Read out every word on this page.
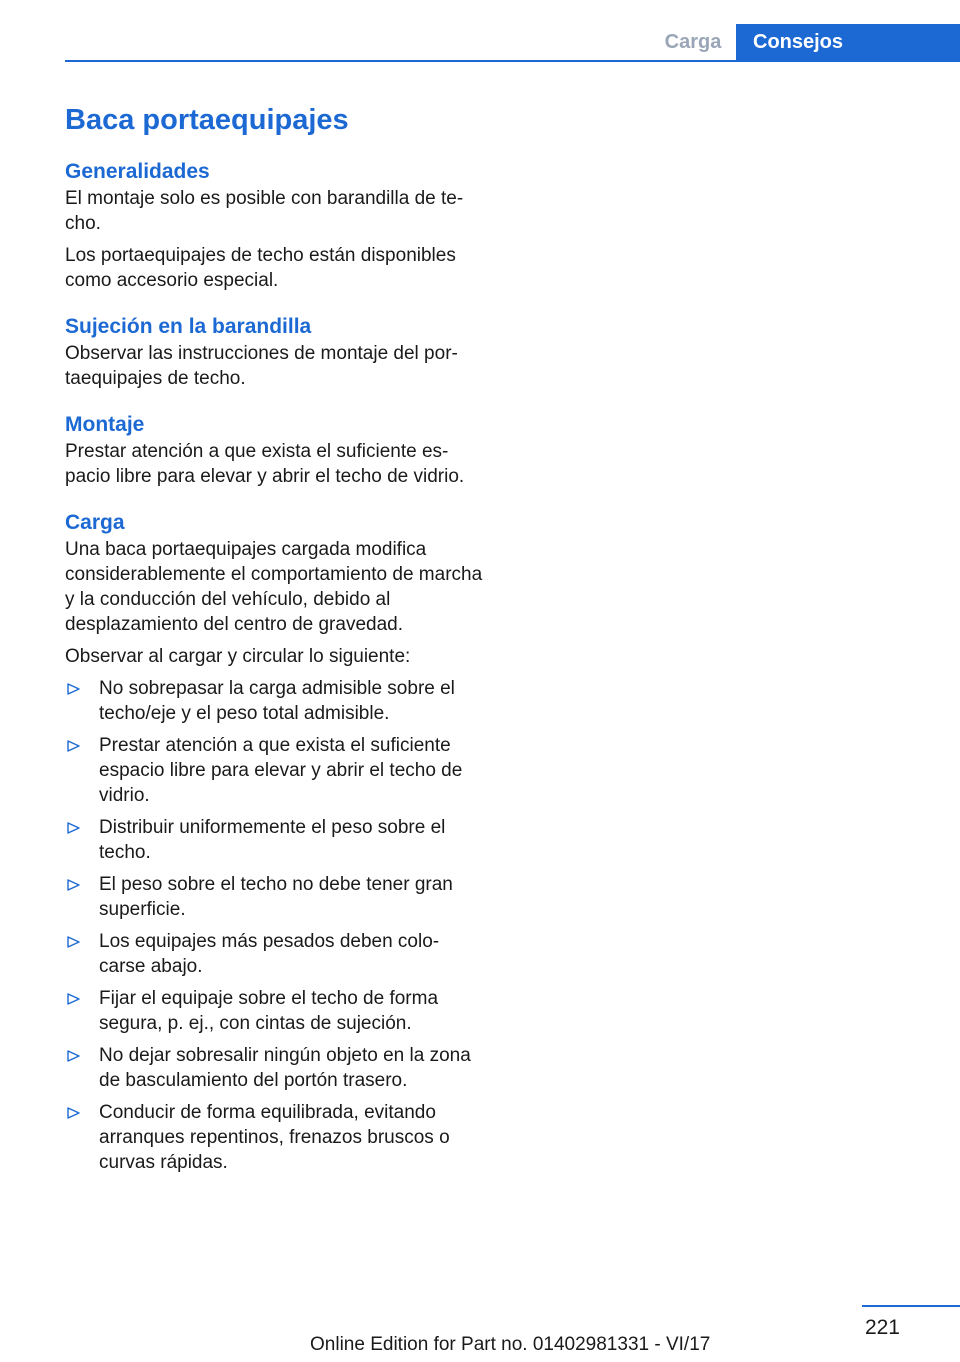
Carga	Consejos
Baca portaequipajes
Generalidades

El montaje solo es posible con barandilla de te‐ cho.

Los portaequipajes de techo están disponibles como accesorio especial.

Sujeción en la barandilla

Observar las instrucciones de montaje del por‐ taequipajes de techo.

Montaje

Prestar atención a que exista el suficiente es‐ pacio libre para elevar y abrir el techo de vidrio.

Carga

Una baca portaequipajes cargada modifica considerablemente el comportamiento de marcha y la conducción del vehículo, debido al desplazamiento del centro de gravedad.

Observar al cargar y circular lo siguiente:

No sobrepasar la carga admisible sobre el techo/eje y el peso total admisible.
Prestar atención a que exista el suficiente espacio libre para elevar y abrir el techo de vidrio.
Distribuir uniformemente el peso sobre el techo.
El peso sobre el techo no debe tener gran superficie.
Los equipajes más pesados deben colo‐ carse abajo.
Fijar el equipaje sobre el techo de forma segura, p. ej., con cintas de sujeción.
No dejar sobresalir ningún objeto en la zona de basculamiento del portón trasero.
Conducir de forma equilibrada, evitando arranques repentinos, frenazos bruscos o curvas rápidas.
221
Online Edition for Part no. 01402981331 - VI/17
